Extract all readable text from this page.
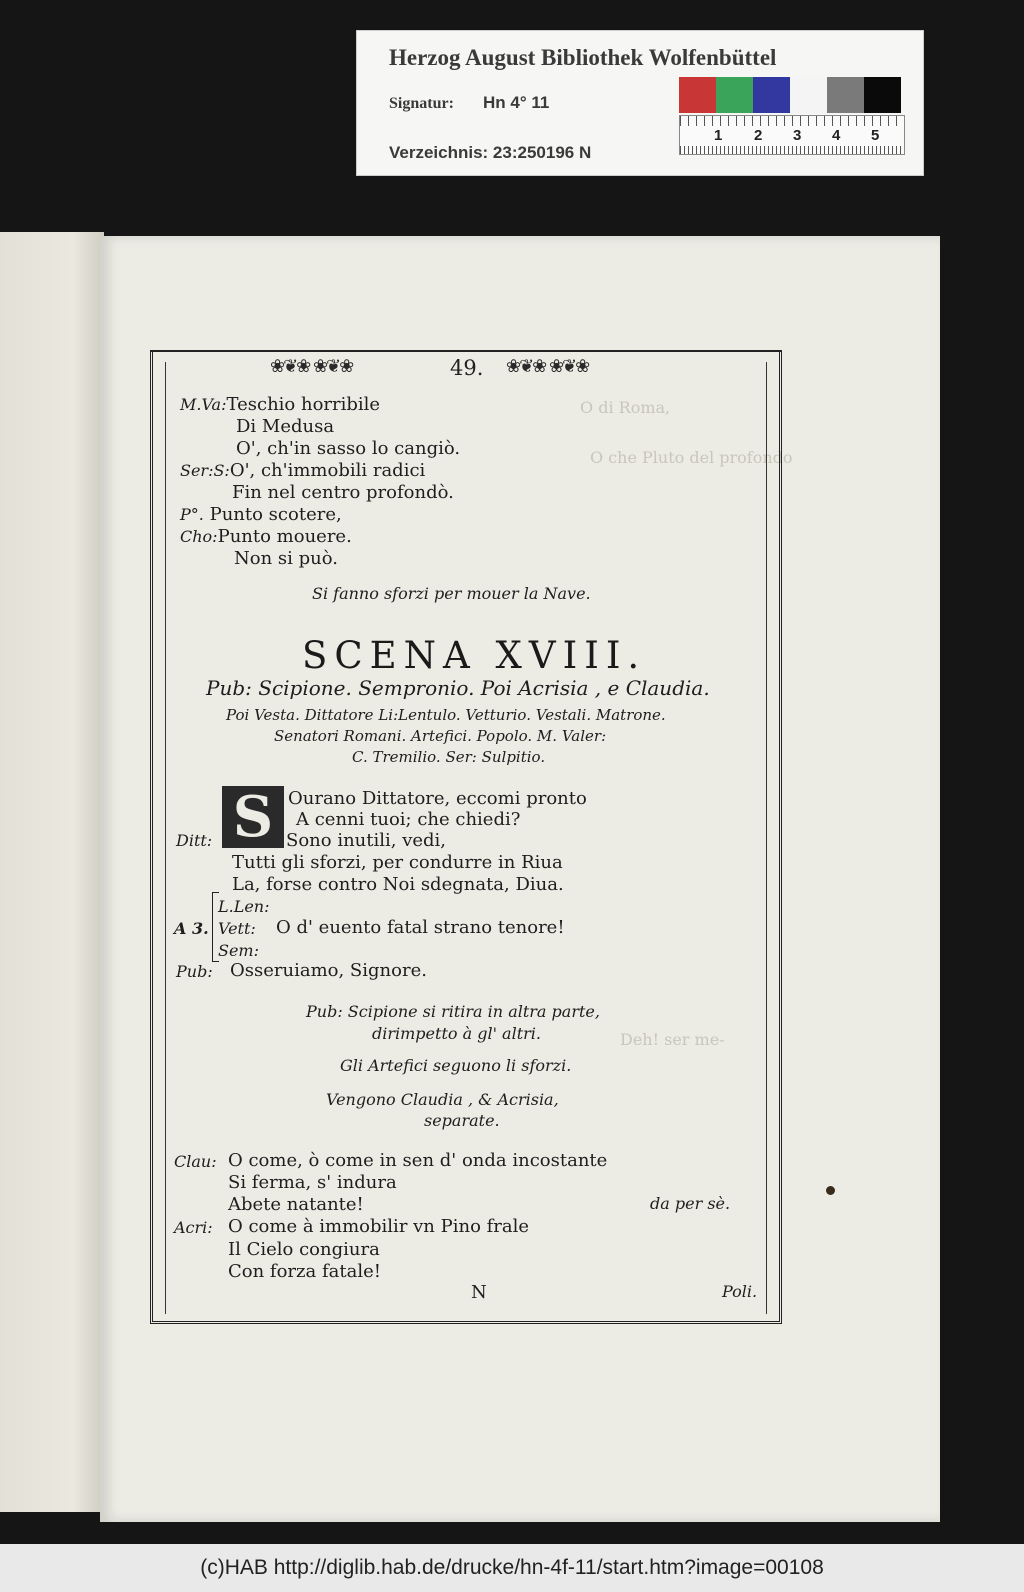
Herzog August Bibliothek Wolfenbüttel
Signatur: Hn 4° 11
Verzeichnis: 23:250196 N
1 2 3 4 5
O di Roma,
O che Pluto del profondo
Deh! ser me-
❀❦❀ ❀❦❀	❀❦❀ ❀❦❀
49.
M.Va:Teschio horribile
Di Medusa
O', ch'in sasso lo cangiò.
Ser:S:O', ch'immobili radici
Fin nel centro profondò.
P°. Punto scotere,
Cho:Punto mouere.
Non si può.
Si fanno sforzi per mouer la Nave.
SCENA XVIII.
Pub: Scipione. Sempronio. Poi Acrisia , e Claudia.
Poi Vesta. Dittatore Li:Lentulo. Vetturio. Vestali. Matrone.
Senatori Romani. Artefici. Popolo. M. Valer:
C. Tremilio. Ser: Sulpitio.
S Ourano Dittatore, eccomi pronto
A cenni tuoi; che chiedi?
Ditt:	Sono inutili, vedi,
Tutti gli sforzi, per condurre in Riua
La, forse contro Noi sdegnata, Diua.
L.Len:
A 3. Vett: O d' euento fatal strano tenore!
Sem:
Pub: Osseruiamo, Signore.
Pub: Scipione si ritira in altra parte,
dirimpetto à gl' altri.
Gli Artefici seguono li sforzi.
Vengono Claudia , & Acrisia,
separate.
Clau: O come, ò come in sen d' onda incostante
Si ferma, s' indura
Abete natante!	da per sè.
Acri: O come à immobilir vn Pino frale
Il Cielo congiura
Con forza fatale!
N	Poli.
(c)HAB http://diglib.hab.de/drucke/hn-4f-11/start.htm?image=00108
